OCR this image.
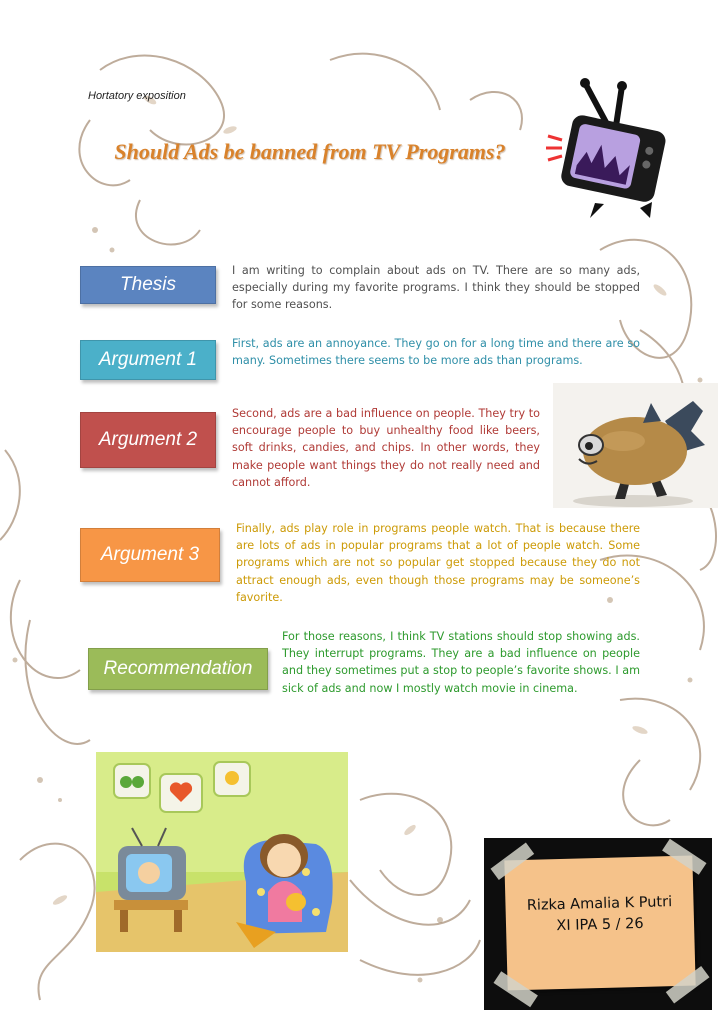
Hortatory exposition
Should Ads be banned from TV Programs?
Thesis
I am writing to complain about ads on TV. There are so many ads, especially during my favorite programs. I think they should be stopped for some reasons.
Argument 1
First, ads are an annoyance. They go on for a long time and there are so many. Sometimes there seems to be more ads than programs.
Argument 2
Second, ads are a bad influence on people. They try to encourage people to buy unhealthy food like beers, soft drinks, candies, and chips. In other words, they make people want things they do not really need and cannot afford.
Argument 3
Finally, ads play role in programs people watch. That is because there are lots of ads in popular programs that a lot of people watch. Some programs which are not so popular get stopped because they do not attract enough ads, even though those programs may be someone’s favorite.
Recommendation
For those reasons, I think TV stations should stop showing ads. They interrupt programs. They are a bad influence on people and they sometimes put a stop to people’s favorite shows. I am sick of ads and now I mostly watch movie in cinema.
Rizka Amalia K Putri
XI IPA 5 / 26
